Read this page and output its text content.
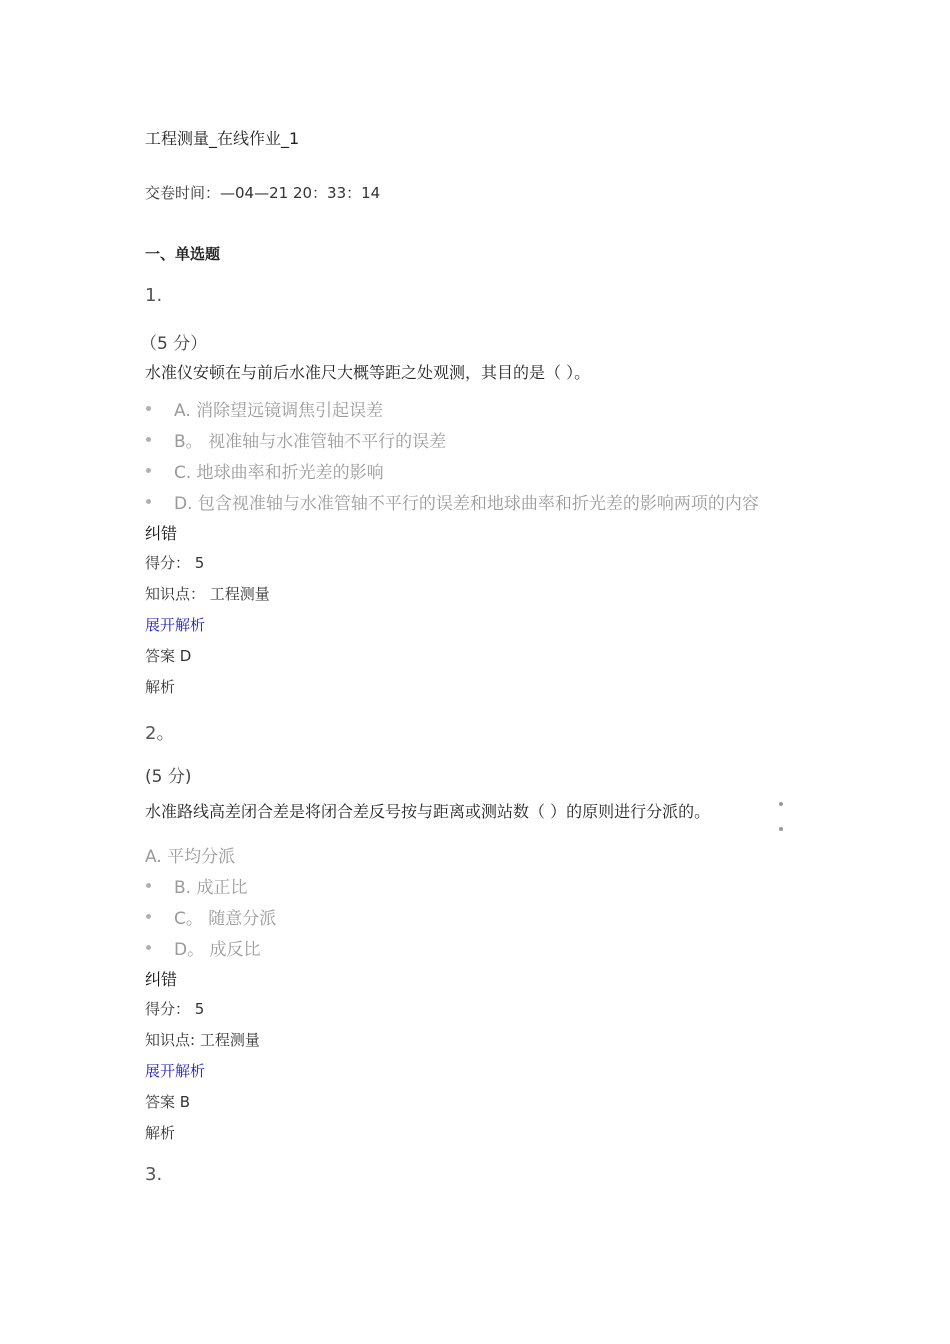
工程测量_在线作业_1
交卷时间：—04—21 20：33：14
一、单选题
1.
（5 分）
水准仪安顿在与前后水准尺大概等距之处观测，其目的是（ ）。
A. 消除望远镜调焦引起误差
B。 视准轴与水准管轴不平行的误差
C. 地球曲率和折光差的影响
D. 包含视准轴与水准管轴不平行的误差和地球曲率和折光差的影响两项的内容
纠错
得分： 5
知识点： 工程测量
展开解析
答案 D
解析
2。
(5 分)
水准路线高差闭合差是将闭合差反号按与距离或测站数（ ）的原则进行分派的。
A. 平均分派
B. 成正比
C。 随意分派
D。 成反比
纠错
得分： 5
知识点: 工程测量
展开解析
答案 B
解析
3.
